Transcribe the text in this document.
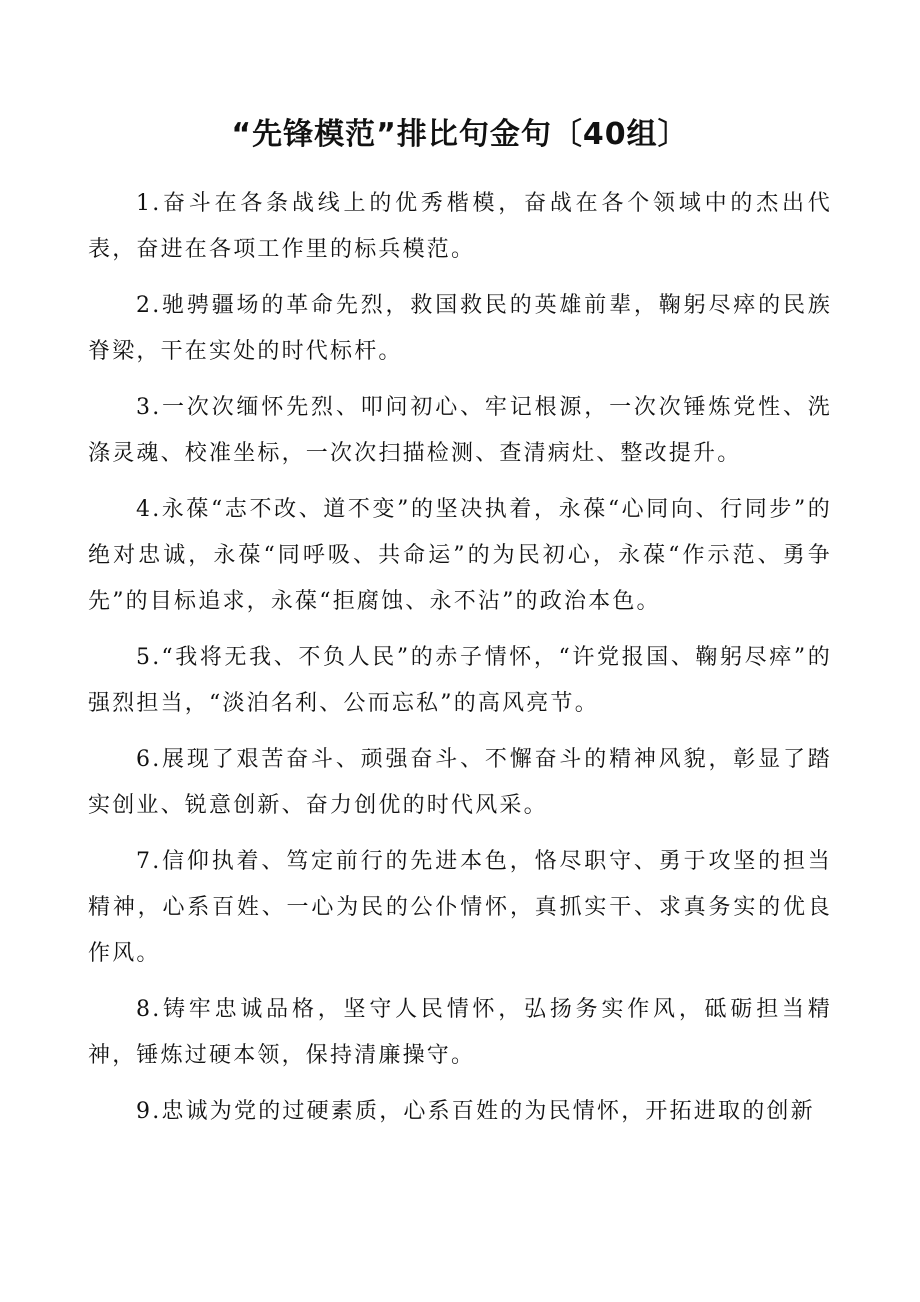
“先锋模范”排比句金句〔40组〕

1.奋斗在各条战线上的优秀楷模，奋战在各个领域中的杰出代表，奋进在各项工作里的标兵模范。

2.驰骋疆场的革命先烈，救国救民的英雄前辈，鞠躬尽瘁的民族脊梁，干在实处的时代标杆。

3.一次次缅怀先烈、叩问初心、牢记根源，一次次锤炼党性、洗涤灵魂、校准坐标，一次次扫描检测、查清病灶、整改提升。

4.永葆“志不改、道不变”的坚决执着，永葆“心同向、行同步”的绝对忠诚，永葆“同呼吸、共命运”的为民初心，永葆“作示范、勇争先”的目标追求，永葆“拒腐蚀、永不沾”的政治本色。

5.“我将无我、不负人民”的赤子情怀，“许党报国、鞠躬尽瘁”的强烈担当，“淡泊名利、公而忘私”的高风亮节。

6.展现了艰苦奋斗、顽强奋斗、不懈奋斗的精神风貌，彰显了踏实创业、锐意创新、奋力创优的时代风采。

7.信仰执着、笃定前行的先进本色，恪尽职守、勇于攻坚的担当精神，心系百姓、一心为民的公仆情怀，真抓实干、求真务实的优良作风。

8.铸牢忠诚品格，坚守人民情怀，弘扬务实作风，砥砺担当精神，锤炼过硬本领，保持清廉操守。

9.忠诚为党的过硬素质，心系百姓的为民情怀，开拓进取的创新
